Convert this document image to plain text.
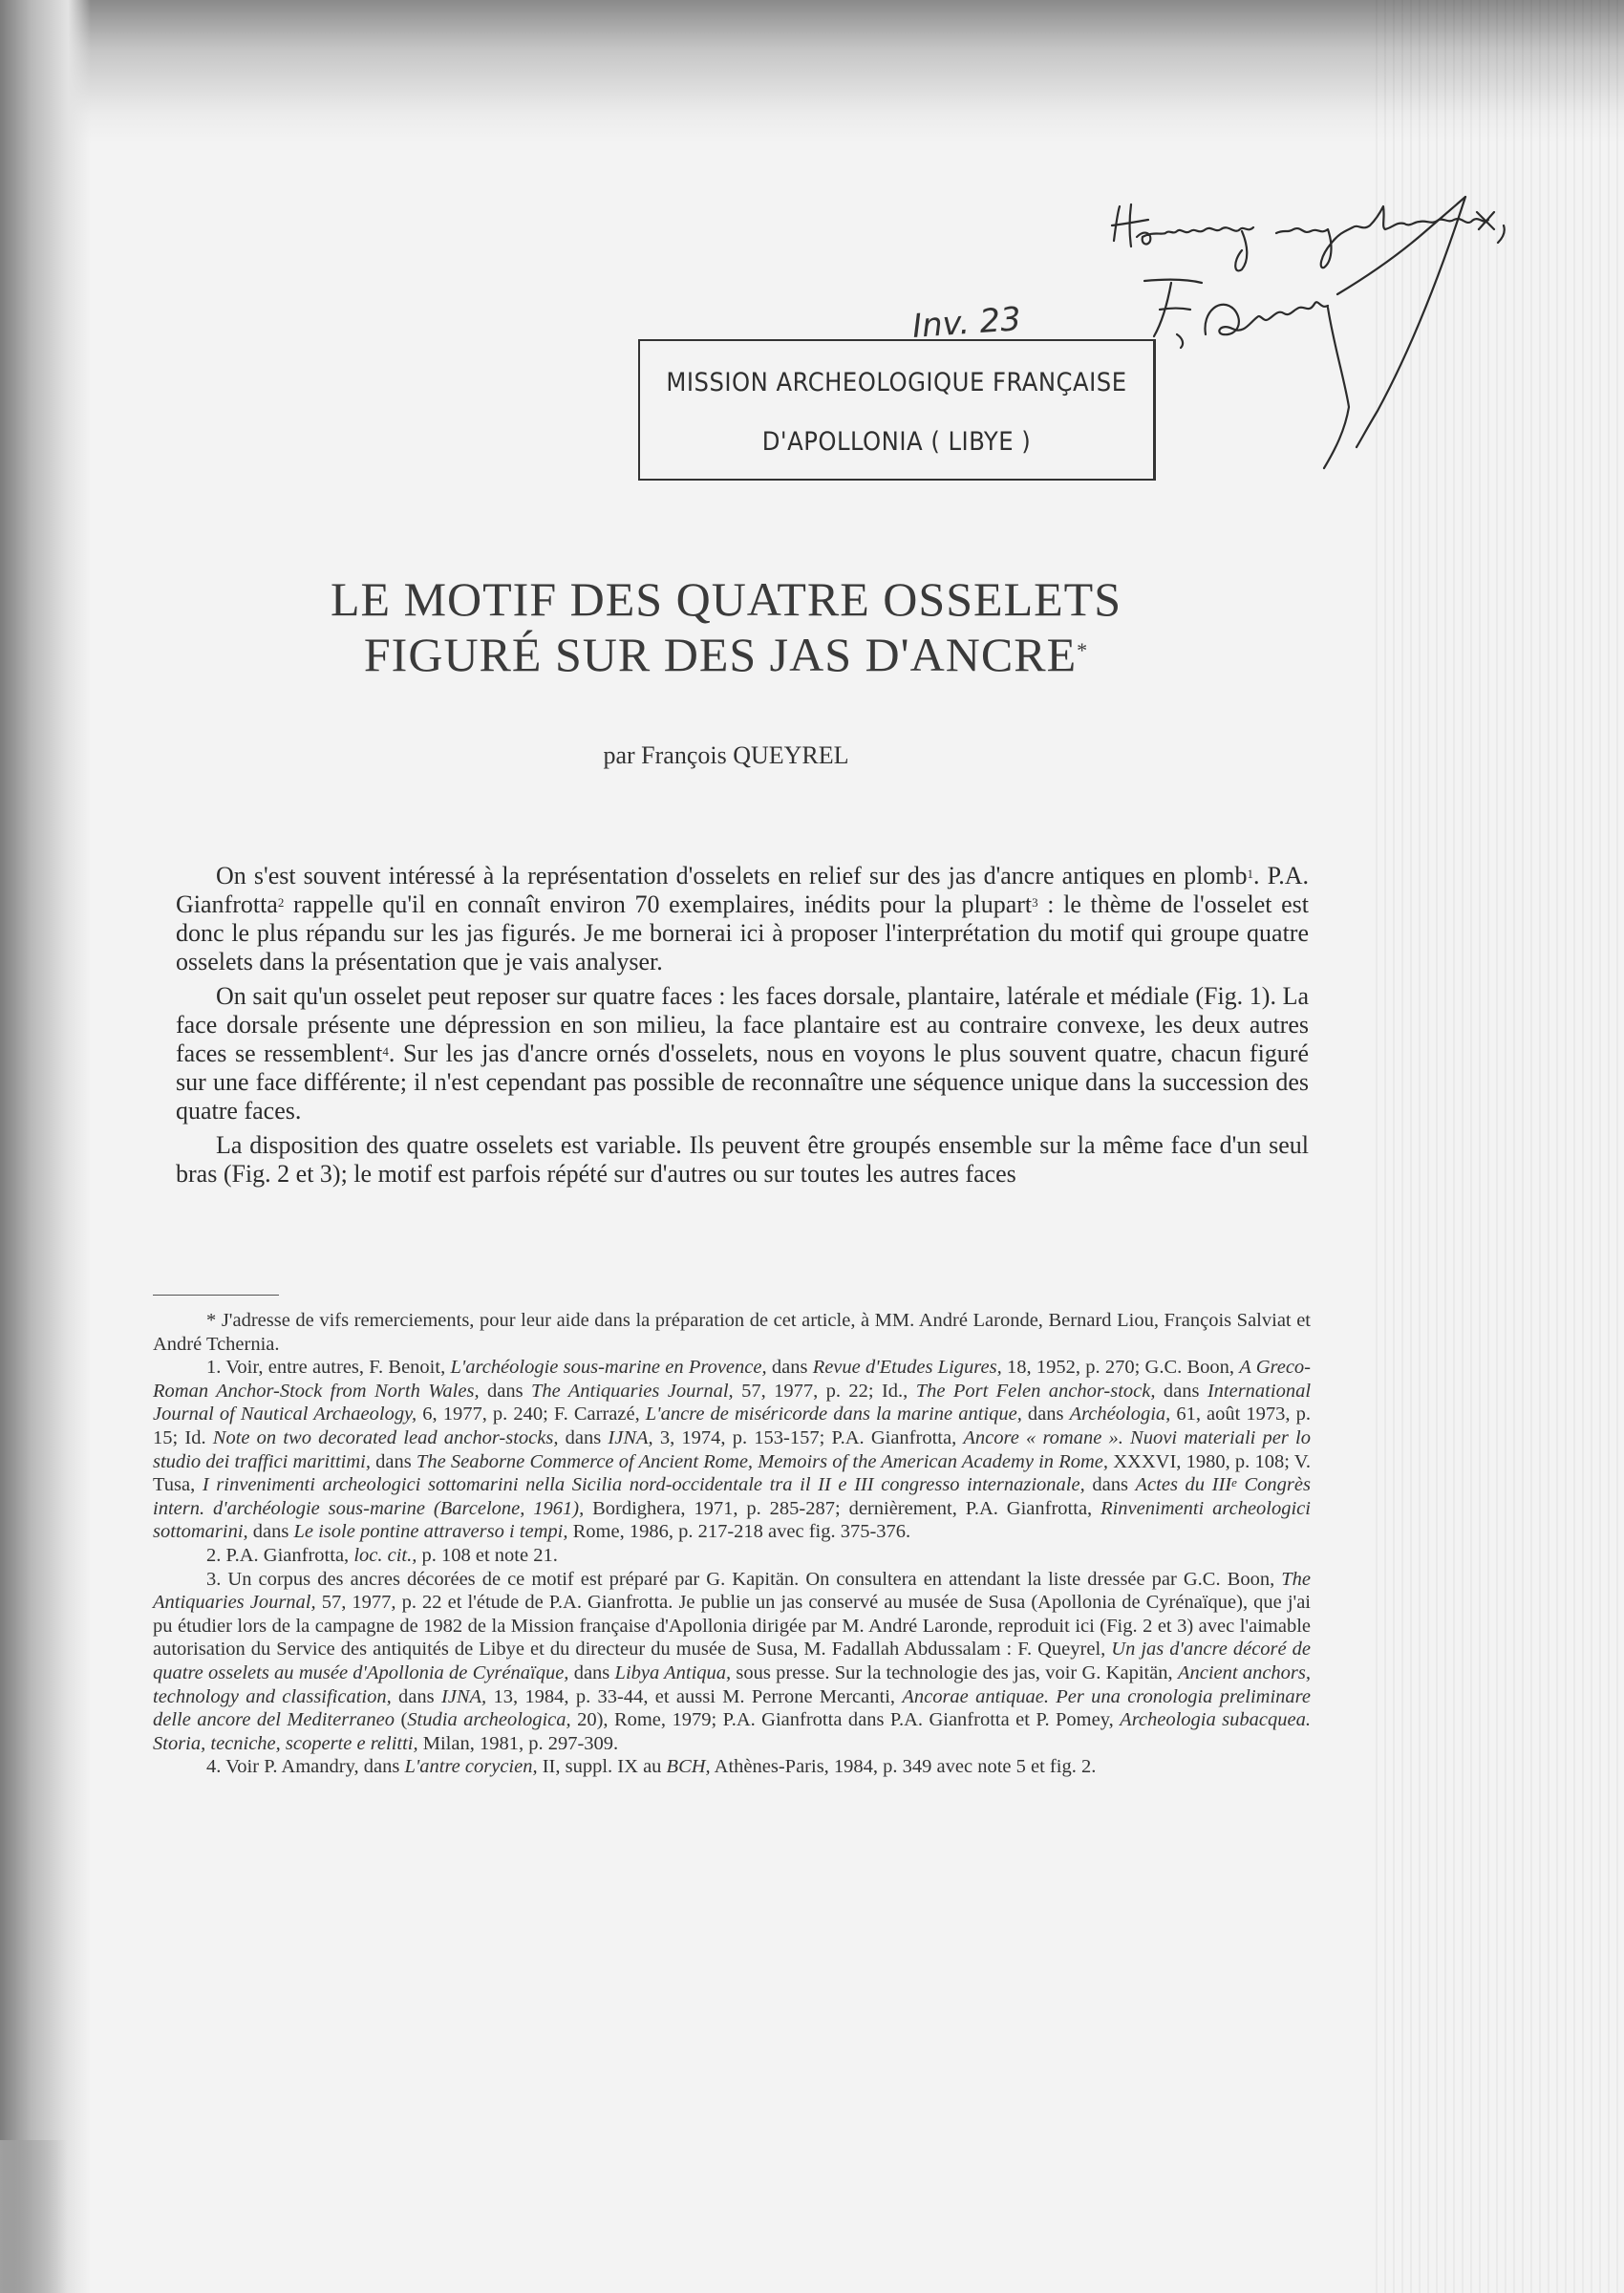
Inv. 23
MISSION ARCHEOLOGIQUE FRANÇAISE
D'APOLLONIA ( LIBYE )
LE MOTIF DES QUATRE OSSELETS
FIGURÉ SUR DES JAS D'ANCRE*
par François QUEYREL

On s'est souvent intéressé à la représentation d'osselets en relief sur des jas d'ancre antiques en plomb$^1$. P.A. Gianfrotta$^2$ rappelle qu'il en connaît environ 70 exemplaires, inédits pour la plupart$^3$ : le thème de l'osselet est donc le plus répandu sur les jas figurés. Je me bornerai ici à proposer l'interprétation du motif qui groupe quatre osselets dans la présentation que je vais analyser.

On sait qu'un osselet peut reposer sur quatre faces : les faces dorsale, plantaire, latérale et médiale (Fig. 1). La face dorsale présente une dépression en son milieu, la face plantaire est au contraire convexe, les deux autres faces se ressemblent$^4$. Sur les jas d'ancre ornés d'osselets, nous en voyons le plus souvent quatre, chacun figuré sur une face différente; il n'est cependant pas possible de reconnaître une séquence unique dans la succession des quatre faces.

La disposition des quatre osselets est variable. Ils peuvent être groupés ensemble sur la même face d'un seul bras (Fig. 2 et 3); le motif est parfois répété sur d'autres ou sur toutes les autres faces

* J'adresse de vifs remerciements, pour leur aide dans la préparation de cet article, à MM. André Laronde, Bernard Liou, François Salviat et André Tchernia.

1. Voir, entre autres, F. Benoit, L'archéologie sous-marine en Provence, dans Revue d'Etudes Ligures, 18, 1952, p. 270; G.C. Boon, A Greco-Roman Anchor-Stock from North Wales, dans The Antiquaries Journal, 57, 1977, p. 22; Id., The Port Felen anchor-stock, dans International Journal of Nautical Archaeology, 6, 1977, p. 240; F. Carrazé, L'ancre de miséricorde dans la marine antique, dans Archéologia, 61, août 1973, p. 15; Id. Note on two decorated lead anchor-stocks, dans IJNA, 3, 1974, p. 153-157; P.A. Gianfrotta, Ancore « romane ». Nuovi materiali per lo studio dei traffici marittimi, dans The Seaborne Commerce of Ancient Rome, Memoirs of the American Academy in Rome, XXXVI, 1980, p. 108; V. Tusa, I rinvenimenti archeologici sottomarini nella Sicilia nord-occidentale tra il II e III congresso internazionale, dans Actes du IIIe Congrès intern. d'archéologie sous-marine (Barcelone, 1961), Bordighera, 1971, p. 285-287; dernièrement, P.A. Gianfrotta, Rinvenimenti archeologici sottomarini, dans Le isole pontine attraverso i tempi, Rome, 1986, p. 217-218 avec fig. 375-376.

2. P.A. Gianfrotta, loc. cit., p. 108 et note 21.

3. Un corpus des ancres décorées de ce motif est préparé par G. Kapitän. On consultera en attendant la liste dressée par G.C. Boon, The Antiquaries Journal, 57, 1977, p. 22 et l'étude de P.A. Gianfrotta. Je publie un jas conservé au musée de Susa (Apollonia de Cyrénaïque), que j'ai pu étudier lors de la campagne de 1982 de la Mission française d'Apollonia dirigée par M. André Laronde, reproduit ici (Fig. 2 et 3) avec l'aimable autorisation du Service des antiquités de Libye et du directeur du musée de Susa, M. Fadallah Abdussalam : F. Queyrel, Un jas d'ancre décoré de quatre osselets au musée d'Apollonia de Cyrénaïque, dans Libya Antiqua, sous presse. Sur la technologie des jas, voir G. Kapitän, Ancient anchors, technology and classification, dans IJNA, 13, 1984, p. 33-44, et aussi M. Perrone Mercanti, Ancorae antiquae. Per una cronologia preliminare delle ancore del Mediterraneo (Studia archeologica, 20), Rome, 1979; P.A. Gianfrotta dans P.A. Gianfrotta et P. Pomey, Archeologia subacquea. Storia, tecniche, scoperte e relitti, Milan, 1981, p. 297-309.

4. Voir P. Amandry, dans L'antre corycien, II, suppl. IX au BCH, Athènes-Paris, 1984, p. 349 avec note 5 et fig. 2.
